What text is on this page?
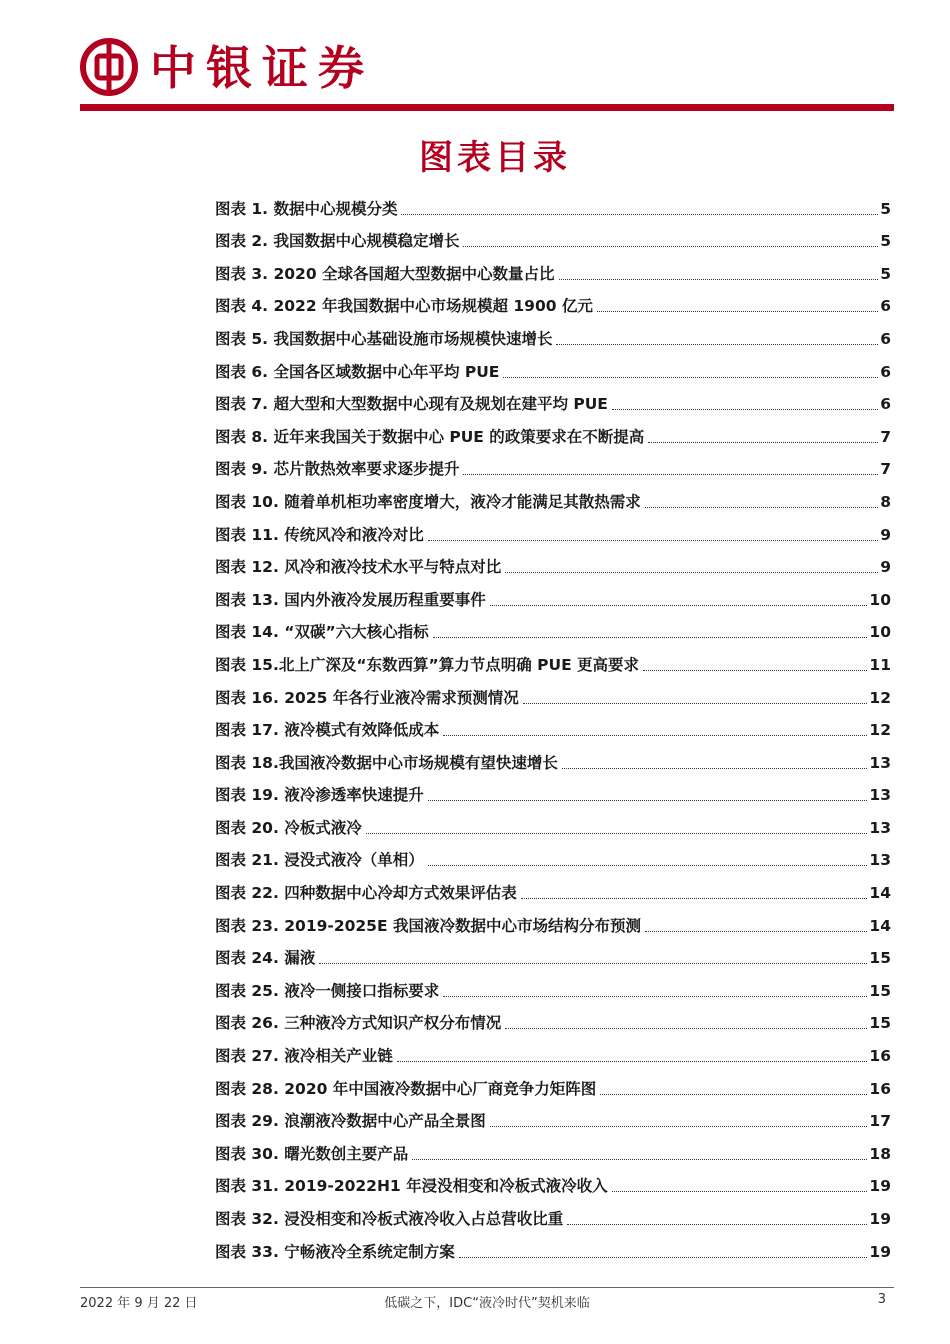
中银证券
图表目录
图表 1. 数据中心规模分类	5
图表 2. 我国数据中心规模稳定增长	5
图表 3. 2020 全球各国超大型数据中心数量占比	5
图表 4. 2022 年我国数据中心市场规模超 1900 亿元	6
图表 5. 我国数据中心基础设施市场规模快速增长	6
图表 6. 全国各区域数据中心年平均 PUE	6
图表 7. 超大型和大型数据中心现有及规划在建平均 PUE	6
图表 8. 近年来我国关于数据中心 PUE 的政策要求在不断提高	7
图表 9. 芯片散热效率要求逐步提升	7
图表 10. 随着单机柜功率密度增大，液冷才能满足其散热需求	8
图表 11. 传统风冷和液冷对比	9
图表 12. 风冷和液冷技术水平与特点对比	9
图表 13. 国内外液冷发展历程重要事件	10
图表 14. “双碳”六大核心指标	10
图表 15.北上广深及“东数西算”算力节点明确 PUE 更高要求	11
图表 16. 2025 年各行业液冷需求预测情况	12
图表 17. 液冷模式有效降低成本	12
图表 18.我国液冷数据中心市场规模有望快速增长	13
图表 19. 液冷渗透率快速提升	13
图表 20. 冷板式液冷	13
图表 21. 浸没式液冷（单相）	13
图表 22. 四种数据中心冷却方式效果评估表	14
图表 23. 2019-2025E 我国液冷数据中心市场结构分布预测	14
图表 24. 漏液	15
图表 25. 液冷一侧接口指标要求	15
图表 26. 三种液冷方式知识产权分布情况	15
图表 27. 液冷相关产业链	16
图表 28. 2020 年中国液冷数据中心厂商竞争力矩阵图	16
图表 29. 浪潮液冷数据中心产品全景图	17
图表 30. 曙光数创主要产品	18
图表 31. 2019-2022H1 年浸没相变和冷板式液冷收入	19
图表 32. 浸没相变和冷板式液冷收入占总营收比重	19
图表 33. 宁畅液冷全系统定制方案	19
2022 年 9 月 22 日	低碳之下，IDC“液冷时代”契机来临	3
